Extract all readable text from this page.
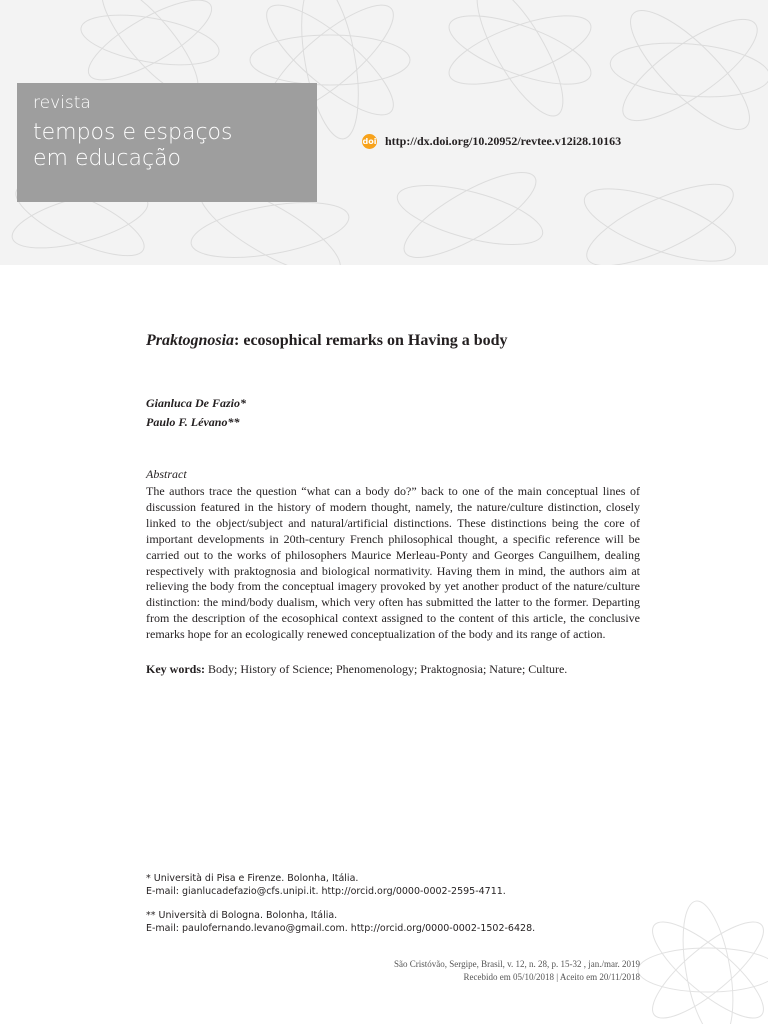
revista
tempos e espaços
em educação
doi http://dx.doi.org/10.20952/revtee.v12i28.10163
Praktognosia: ecosophical remarks on Having a body
Gianluca De Fazio*
Paulo F. Lévano**
Abstract

The authors trace the question “what can a body do?” back to one of the main conceptual lines of discussion featured in the history of modern thought, namely, the nature/culture distinction, closely linked to the object/subject and natural/artificial distinctions. These distinctions being the core of important developments in 20th-century French philosophical thought, a specific reference will be carried out to the works of philosophers Maurice Merleau-Ponty and Georges Canguilhem, dealing respectively with praktognosia and biological normativity. Having them in mind, the authors aim at relieving the body from the conceptual imagery provoked by yet another product of the nature/culture distinction: the mind/body dualism, which very often has submitted the latter to the former. Departing from the description of the ecosophical context assigned to the content of this article, the conclusive remarks hope for an ecologically renewed conceptualization of the body and its range of action.

Key words: Body; History of Science; Phenomenology; Praktognosia; Nature; Culture.
* Università di Pisa e Firenze. Bolonha, Itália.
E-mail: gianlucadefazio@cfs.unipi.it. http://orcid.org/0000-0002-2595-4711.
** Università di Bologna. Bolonha, Itália.
E-mail: paulofernando.levano@gmail.com. http://orcid.org/0000-0002-1502-6428.
São Cristóvão, Sergipe, Brasil, v. 12, n. 28, p. 15-32 , jan./mar. 2019
Recebido em 05/10/2018 | Aceito em 20/11/2018
